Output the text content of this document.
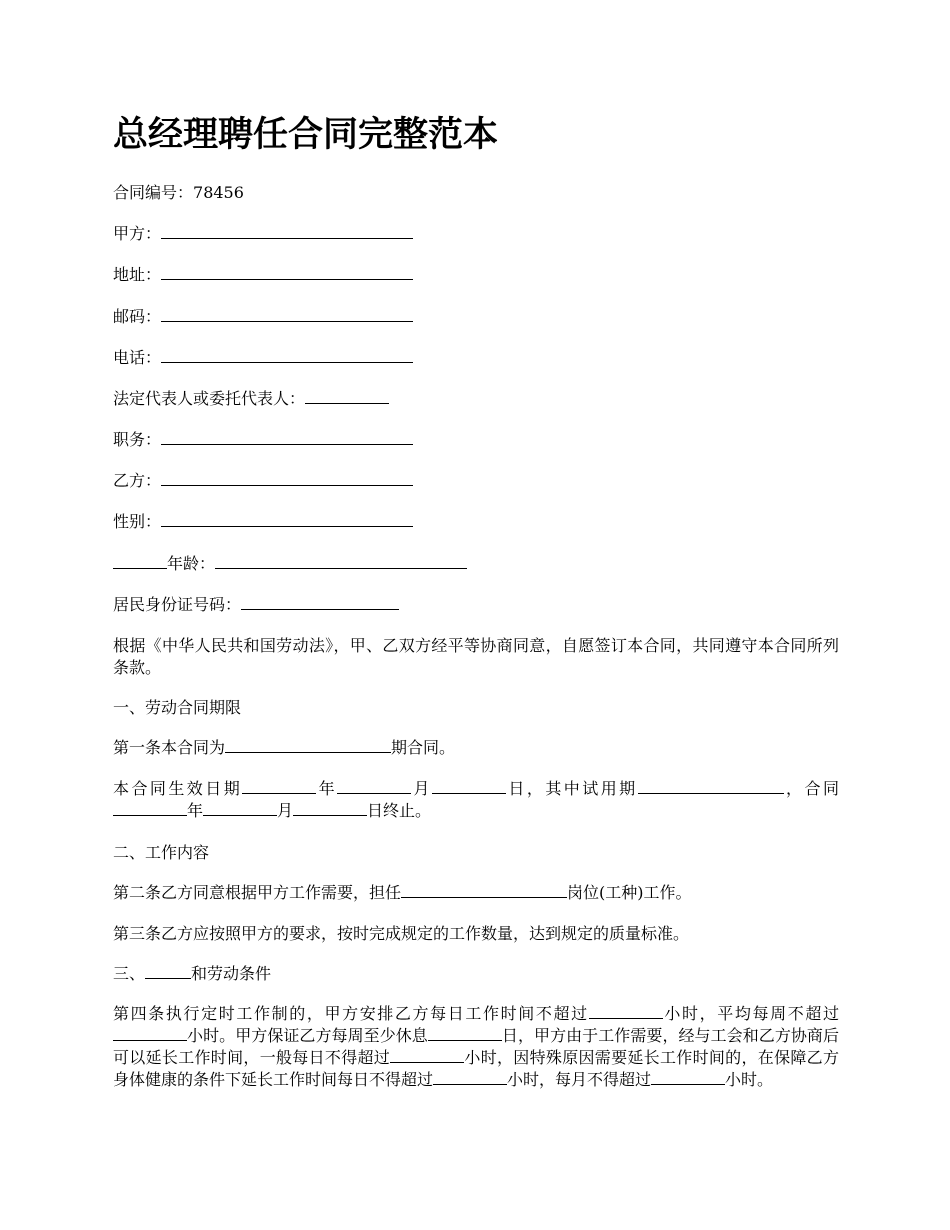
总经理聘任合同完整范本

合同编号：78456

甲方：

地址：

邮码：

电话：

法定代表人或委托代表人：

职务：

乙方：

性别：

年龄：

居民身份证号码：

根据《中华人民共和国劳动法》，甲、乙双方经平等协商同意，自愿签订本合同，共同遵守本合同所列条款。

一、劳动合同期限

第一条本合同为	期合同。

本合同生效日期	年	月	日，其中试用期	，合同年	月	日终止。

二、工作内容

第二条乙方同意根据甲方工作需要，担任	岗位(工种)工作。

第三条乙方应按照甲方的要求，按时完成规定的工作数量，达到规定的质量标准。

三、	和劳动条件

第四条执行定时工作制的，甲方安排乙方每日工作时间不超过	小时，平均每周不超过小时。甲方保证乙方每周至少休息	日，甲方由于工作需要，经与工会和乙方协商后可以延长工作时间，一般每日不得超过	小时，因特殊原因需要延长工作时间的，在保障乙方身体健康的条件下延长工作时间每日不得超过	小时，每月不得超过	小时。
